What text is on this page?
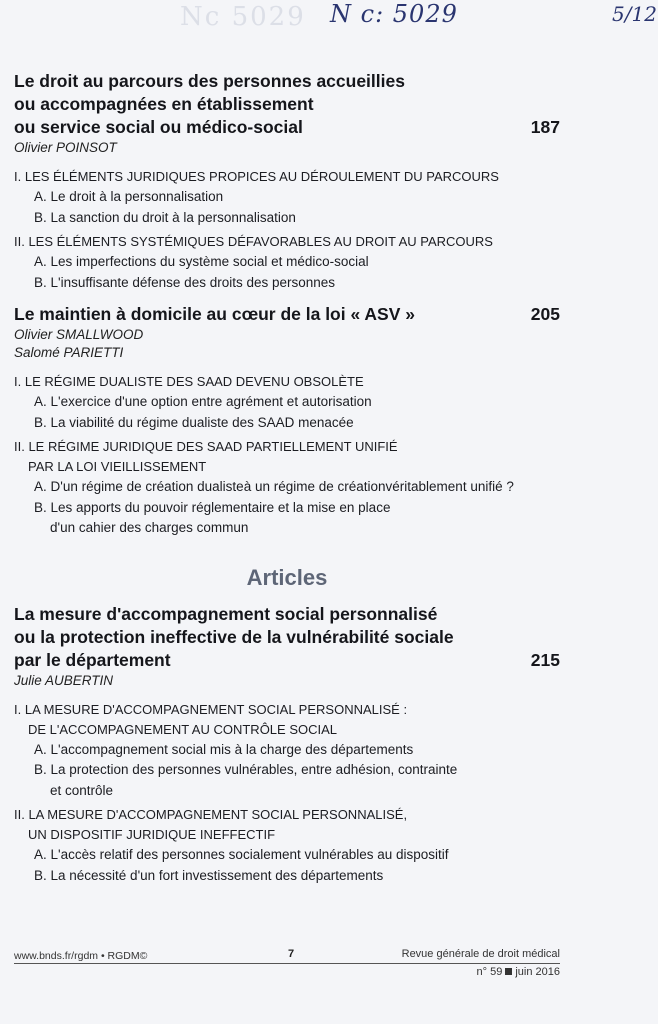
Nc 5029 N c: 5029	5/12
Le droit au parcours des personnes accueillies
ou accompagnées en établissement
ou service social ou médico-social	187
Olivier POINSOT
I. LES ÉLÉMENTS JURIDIQUES PROPICES AU DÉROULEMENT DU PARCOURS
A. Le droit à la personnalisation
B. La sanction du droit à la personnalisation
II. LES ÉLÉMENTS SYSTÉMIQUES DÉFAVORABLES AU DROIT AU PARCOURS
A. Les imperfections du système social et médico-social
B. L'insuffisante défense des droits des personnes
Le maintien à domicile au cœur de la loi « ASV »	205
Olivier SMALLWOOD
Salomé PARIETTI
I. LE RÉGIME DUALISTE DES SAAD DEVENU OBSOLÈTE
A. L'exercice d'une option entre agrément et autorisation
B. La viabilité du régime dualiste des SAAD menacée
II. LE RÉGIME JURIDIQUE DES SAAD PARTIELLEMENT UNIFIÉ
PAR LA LOI VIEILLISSEMENT
A. D'un régime de création dualisteà un régime de créationvéritablement unifié ?
B. Les apports du pouvoir réglementaire et la mise en place
d'un cahier des charges commun
Articles
La mesure d'accompagnement social personnalisé
ou la protection ineffective de la vulnérabilité sociale
par le département	215
Julie AUBERTIN
I. LA MESURE D'ACCOMPAGNEMENT SOCIAL PERSONNALISÉ :
DE L'ACCOMPAGNEMENT AU CONTRÔLE SOCIAL
A. L'accompagnement social mis à la charge des départements
B. La protection des personnes vulnérables, entre adhésion, contrainte
et contrôle
II. LA MESURE D'ACCOMPAGNEMENT SOCIAL PERSONNALISÉ,
UN DISPOSITIF JURIDIQUE INEFFECTIF
A. L'accès relatif des personnes socialement vulnérables au dispositif
B. La nécessité d'un fort investissement des départements
www.bnds.fr/rgdm • RGDM©	7	Revue générale de droit médical
n° 59 juin 2016
